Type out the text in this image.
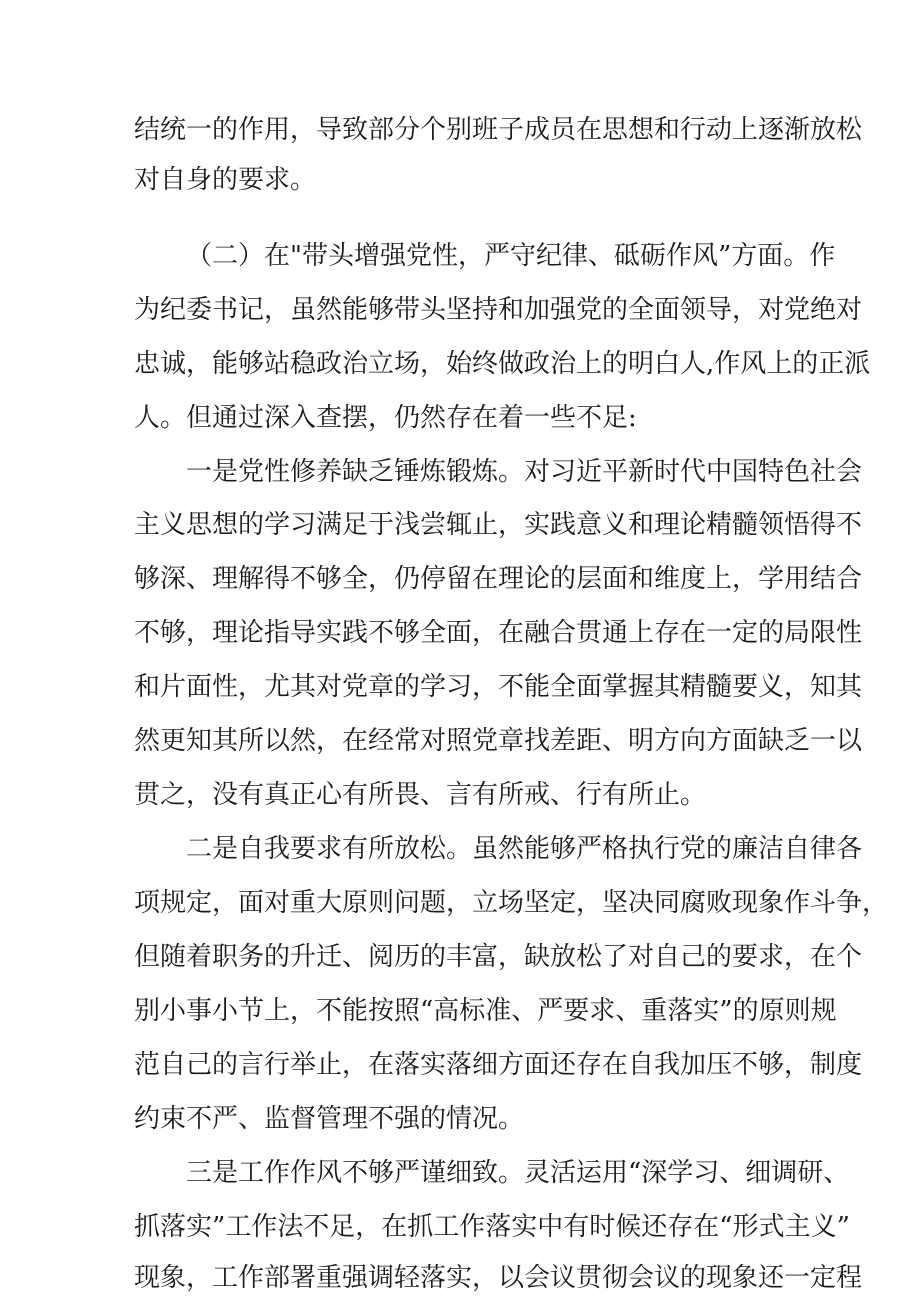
结统一的作用，导致部分个别班子成员在思想和行动上逐渐放松
对自身的要求。
（二）在"带头增强党性，严守纪律、砥砺作风”方面。作
为纪委书记，虽然能够带头坚持和加强党的全面领导，对党绝对
忠诚，能够站稳政治立场，始终做政治上的明白人,作风上的正派
人。但通过深入查摆，仍然存在着一些不足:
一是党性修养缺乏锤炼锻炼。对习近平新时代中国特色社会
主义思想的学习满足于浅尝辄止，实践意义和理论精髓领悟得不
够深、理解得不够全，仍停留在理论的层面和维度上，学用结合
不够，理论指导实践不够全面，在融合贯通上存在一定的局限性
和片面性，尤其对党章的学习，不能全面掌握其精髓要义，知其
然更知其所以然，在经常对照党章找差距、明方向方面缺乏一以
贯之，没有真正心有所畏、言有所戒、行有所止。
二是自我要求有所放松。虽然能够严格执行党的廉洁自律各
项规定，面对重大原则问题，立场坚定，坚决同腐败现象作斗争，
但随着职务的升迁、阅历的丰富，缺放松了对自己的要求，在个
别小事小节上，不能按照“高标准、严要求、重落实”的原则规
范自己的言行举止，在落实落细方面还存在自我加压不够，制度
约束不严、监督管理不强的情况。
三是工作作风不够严谨细致。灵活运用“深学习、细调研、
抓落实”工作法不足，在抓工作落实中有时候还存在“形式主义”
现象，工作部署重强调轻落实，以会议贯彻会议的现象还一定程
